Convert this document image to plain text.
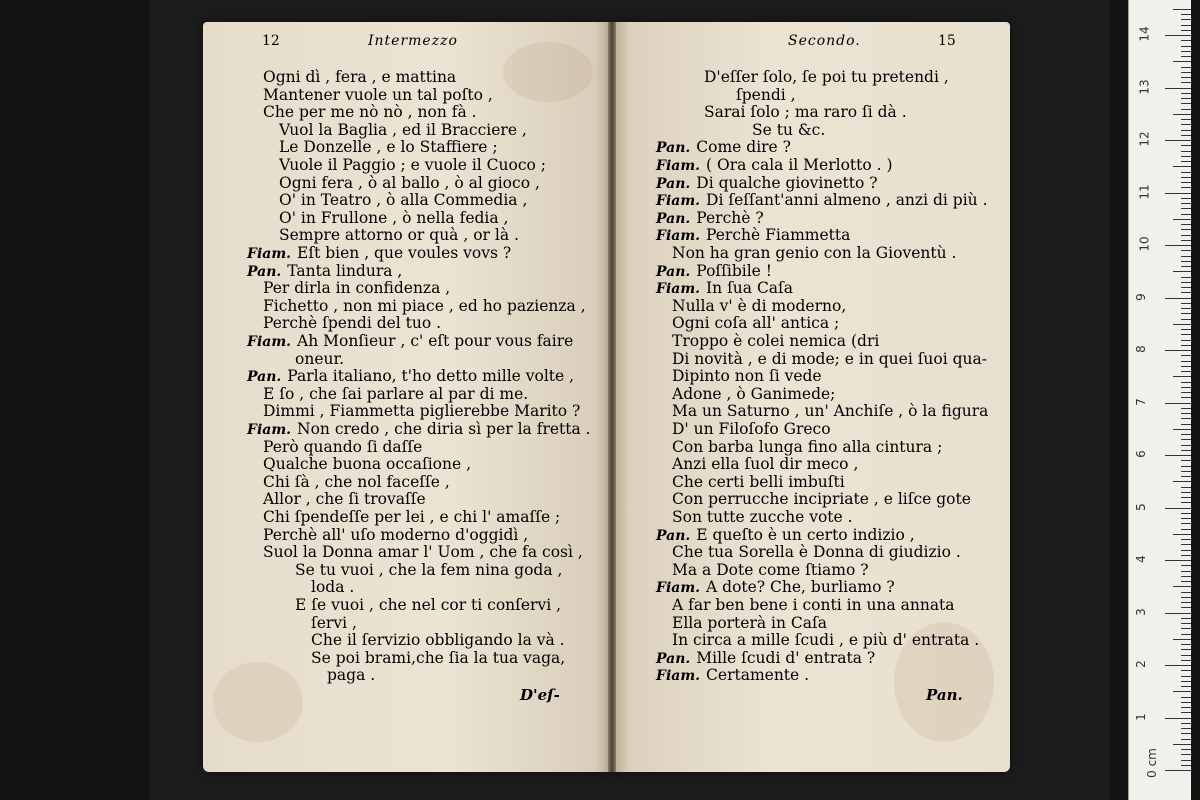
12	Intermezzo
Ogni dì , fera , e mattina
Mantener vuole un tal poſto ,
Che per me nò nò , non fà .
Vuol la Baglia , ed il Bracciere ,
Le Donzelle , e lo Staffiere ;
Vuole il Paggio ; e vuole il Cuoco ;
Ogni fera , ò al ballo , ò al gioco ,
O' in Teatro , ò alla Commedia ,
O' in Frullone , ò nella fedia ,
Sempre attorno or quà , or là .
Fiam. Eſt bien , que voules vovs ?
Pan. Tanta lindura ,
Per dirla in confidenza ,
Fichetto , non mi piace , ed ho pazienza ,
Perchè ſpendi del tuo .
Fiam. Ah Monſieur , c' eſt pour vous faire
oneur.
Pan. Parla italiano, t'ho detto mille volte ,
E ſo , che ſai parlare al par di me.
Dimmi , Fiammetta piglierebbe Marito ?
Fiam. Non credo , che diria sì per la fretta .
Però quando ſi daſſe
Qualche buona occaſione ,
Chi ſà , che nol faceſſe ,
Allor , che ſi trovaſſe
Chi ſpendeſſe per lei , e chi l' amaſſe ;
Perchè all' uſo moderno d'oggidì ,
Suol la Donna amar l' Uom , che fa così ,
Se tu vuoi , che la fem nina goda ,
loda .
E ſe vuoi , che nel cor ti conſervi ,
ſervi ,
Che il ſervizio obbligando la và .
Se poi brami,che ſia la tua vaga,
paga .
D'eſ-
Secondo.	15
D'eſſer ſolo, ſe poi tu pretendi ,
ſpendi ,
Sarai ſolo ; ma raro ſi dà .
Se tu &c.
Pan. Come dire ?
Fiam. ( Ora cala il Merlotto . )
Pan. Di qualche giovinetto ?
Fiam. Di ſeſſant'anni almeno , anzi di più .
Pan. Perchè ?
Fiam. Perchè Fiammetta
Non ha gran genio con la Gioventù .
Pan. Poſſibile !
Fiam. In ſua Caſa
Nulla v' è di moderno,
Ogni coſa all' antica ;
Troppo è colei nemica (dri
Di novità , e di mode; e in quei ſuoi qua-
Dipinto non ſi vede
Adone , ò Ganimede;
Ma un Saturno , un' Anchiſe , ò la figura
D' un Filoſofo Greco
Con barba lunga fino alla cintura ;
Anzi ella ſuol dir meco ,
Che certi belli imbuſti
Con perrucche incipriate , e liſce gote
Son tutte zucche vote .
Pan. E queſto è un certo indizio ,
Che tua Sorella è Donna di giudizio .
Ma a Dote come ſtiamo ?
Fiam. A dote? Che, burliamo ?
A far ben bene i conti in una annata
Ella porterà in Caſa
In circa a mille ſcudi , e più d' entrata .
Pan. Mille ſcudi d' entrata ?
Fiam. Certamente .
Pan.
0 cm
1
2
3
4
5
6
7
8
9
10
11
12
13
14
